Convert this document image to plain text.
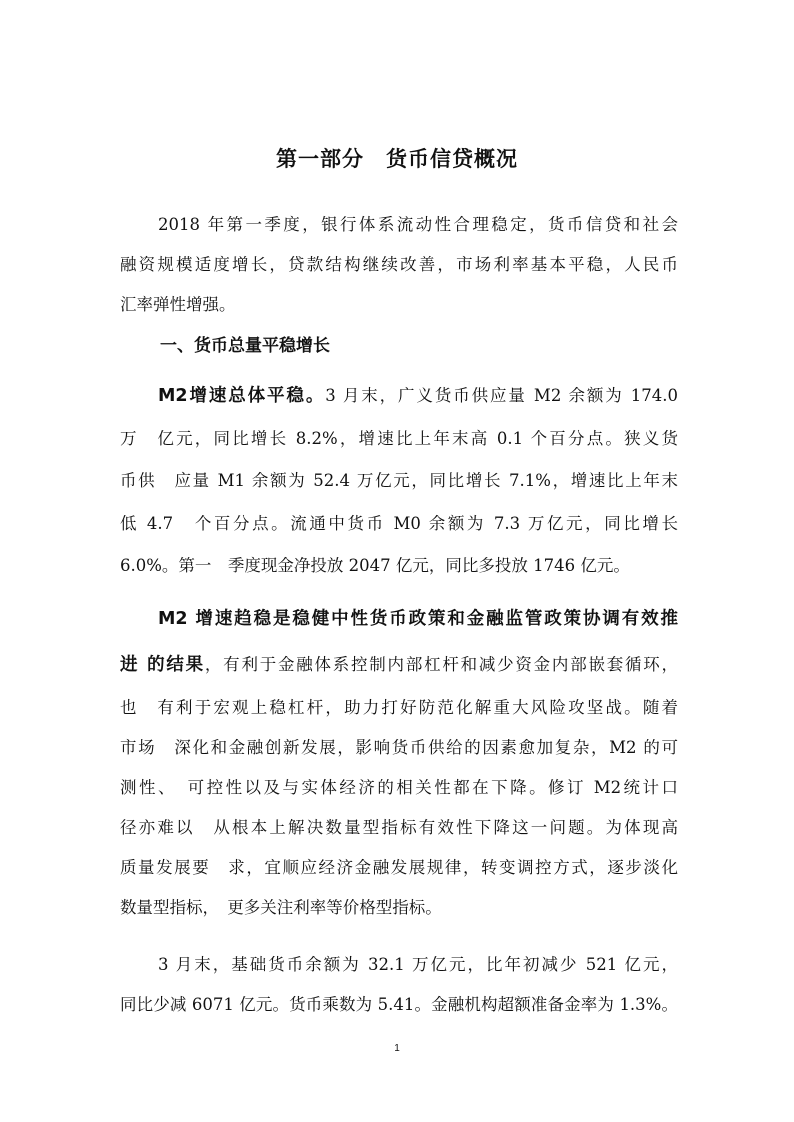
第一部分　货币信贷概况
2018 年第一季度，银行体系流动性合理稳定，货币信贷和社会
融资规模适度增长，贷款结构继续改善，市场利率基本平稳，人民币
汇率弹性增强。
一、货币总量平稳增长
M2增速总体平稳。3 月末，广义货币供应量 M2 余额为 174.0
万　亿元，同比增长 8.2%，增速比上年末高 0.1 个百分点。狭义货
币供　应量 M1 余额为 52.4 万亿元，同比增长 7.1%，增速比上年末
低 4.7　个百分点。流通中货币 M0 余额为 7.3 万亿元，同比增长
6.0%。第一　季度现金净投放 2047 亿元，同比多投放 1746 亿元。
M2 增速趋稳是稳健中性货币政策和金融监管政策协调有效推
进 的结果，有利于金融体系控制内部杠杆和减少资金内部嵌套循环，
也　有利于宏观上稳杠杆，助力打好防范化解重大风险攻坚战。随着
市场　深化和金融创新发展，影响货币供给的因素愈加复杂，M2 的可
测性、　可控性以及与实体经济的相关性都在下降。修订 M2统计口
径亦难以　从根本上解决数量型指标有效性下降这一问题。为体现高
质量发展要　求，宜顺应经济金融发展规律，转变调控方式，逐步淡化
数量型指标，　更多关注利率等价格型指标。
3 月末，基础货币余额为 32.1 万亿元，比年初减少 521 亿元，
同比少减 6071 亿元。货币乘数为 5.41。金融机构超额准备金率为 1.3%。
1
